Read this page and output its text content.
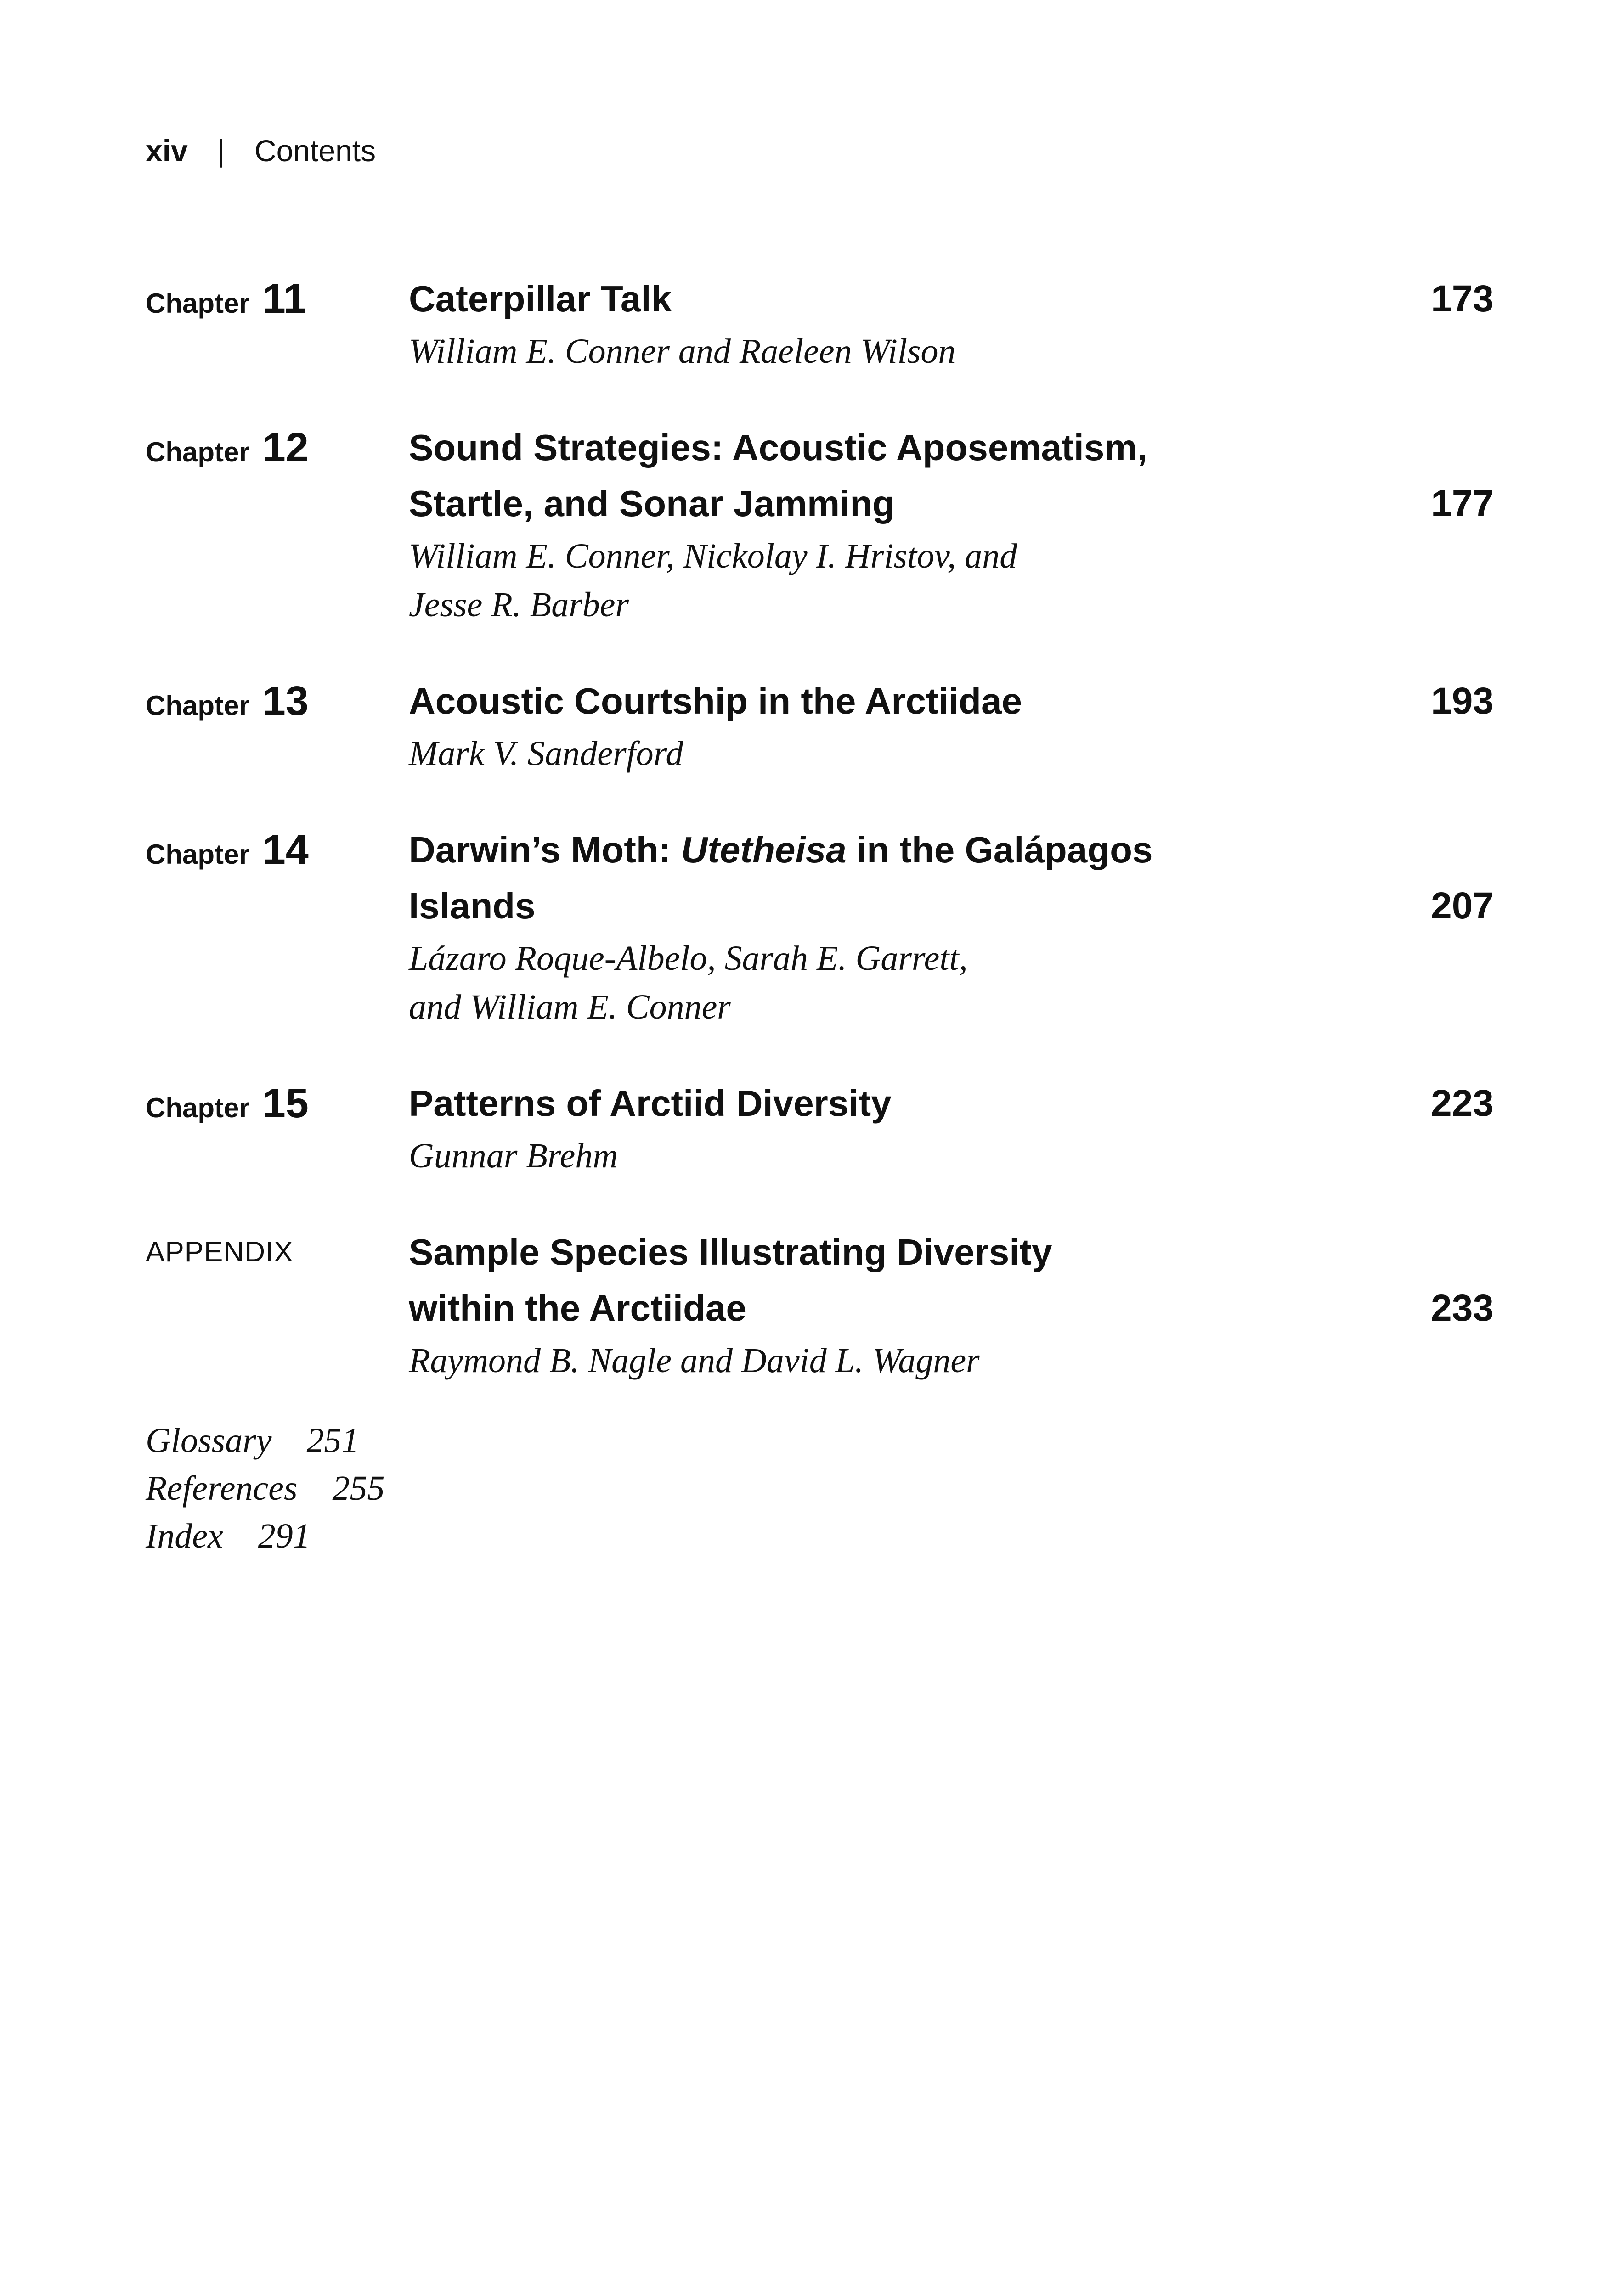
xiv | Contents
Chapter 11	Caterpillar Talk	173
William E. Conner and Raeleen Wilson
Chapter 12	Sound Strategies: Acoustic Aposematism, Startle, and Sonar Jamming	177
William E. Conner, Nickolay I. Hristov, and Jesse R. Barber
Chapter 13	Acoustic Courtship in the Arctiidae	193
Mark V. Sanderford
Chapter 14	Darwin’s Moth: Utetheisa in the Galápagos Islands	207
Lázaro Roque-Albelo, Sarah E. Garrett, and William E. Conner
Chapter 15	Patterns of Arctiid Diversity	223
Gunnar Brehm
APPENDIX	Sample Species Illustrating Diversity within the Arctiidae	233
Raymond B. Nagle and David L. Wagner
Glossary 251
References 255
Index 291
